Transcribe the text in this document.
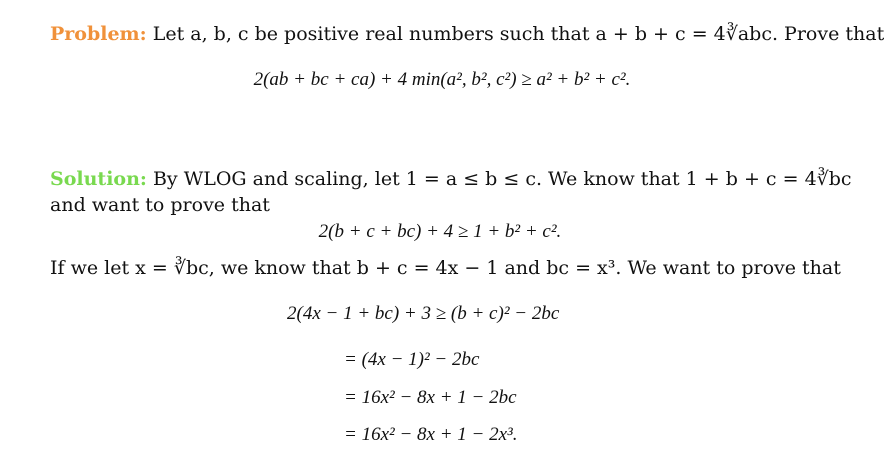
Problem: Let a, b, c be positive real numbers such that a + b + c = 4∛abc. Prove that
2(ab + bc + ca) + 4 min(a², b², c²) ≥ a² + b² + c².
Solution: By WLOG and scaling, let 1 = a ≤ b ≤ c. We know that 1 + b + c = 4∛bc
and want to prove that
2(b + c + bc) + 4 ≥ 1 + b² + c².
If we let x = ∛bc, we know that b + c = 4x − 1 and bc = x³. We want to prove that
2(4x − 1 + bc) + 3 ≥ (b + c)² − 2bc
= (4x − 1)² − 2bc
= 16x² − 8x + 1 − 2bc
= 16x² − 8x + 1 − 2x³.
